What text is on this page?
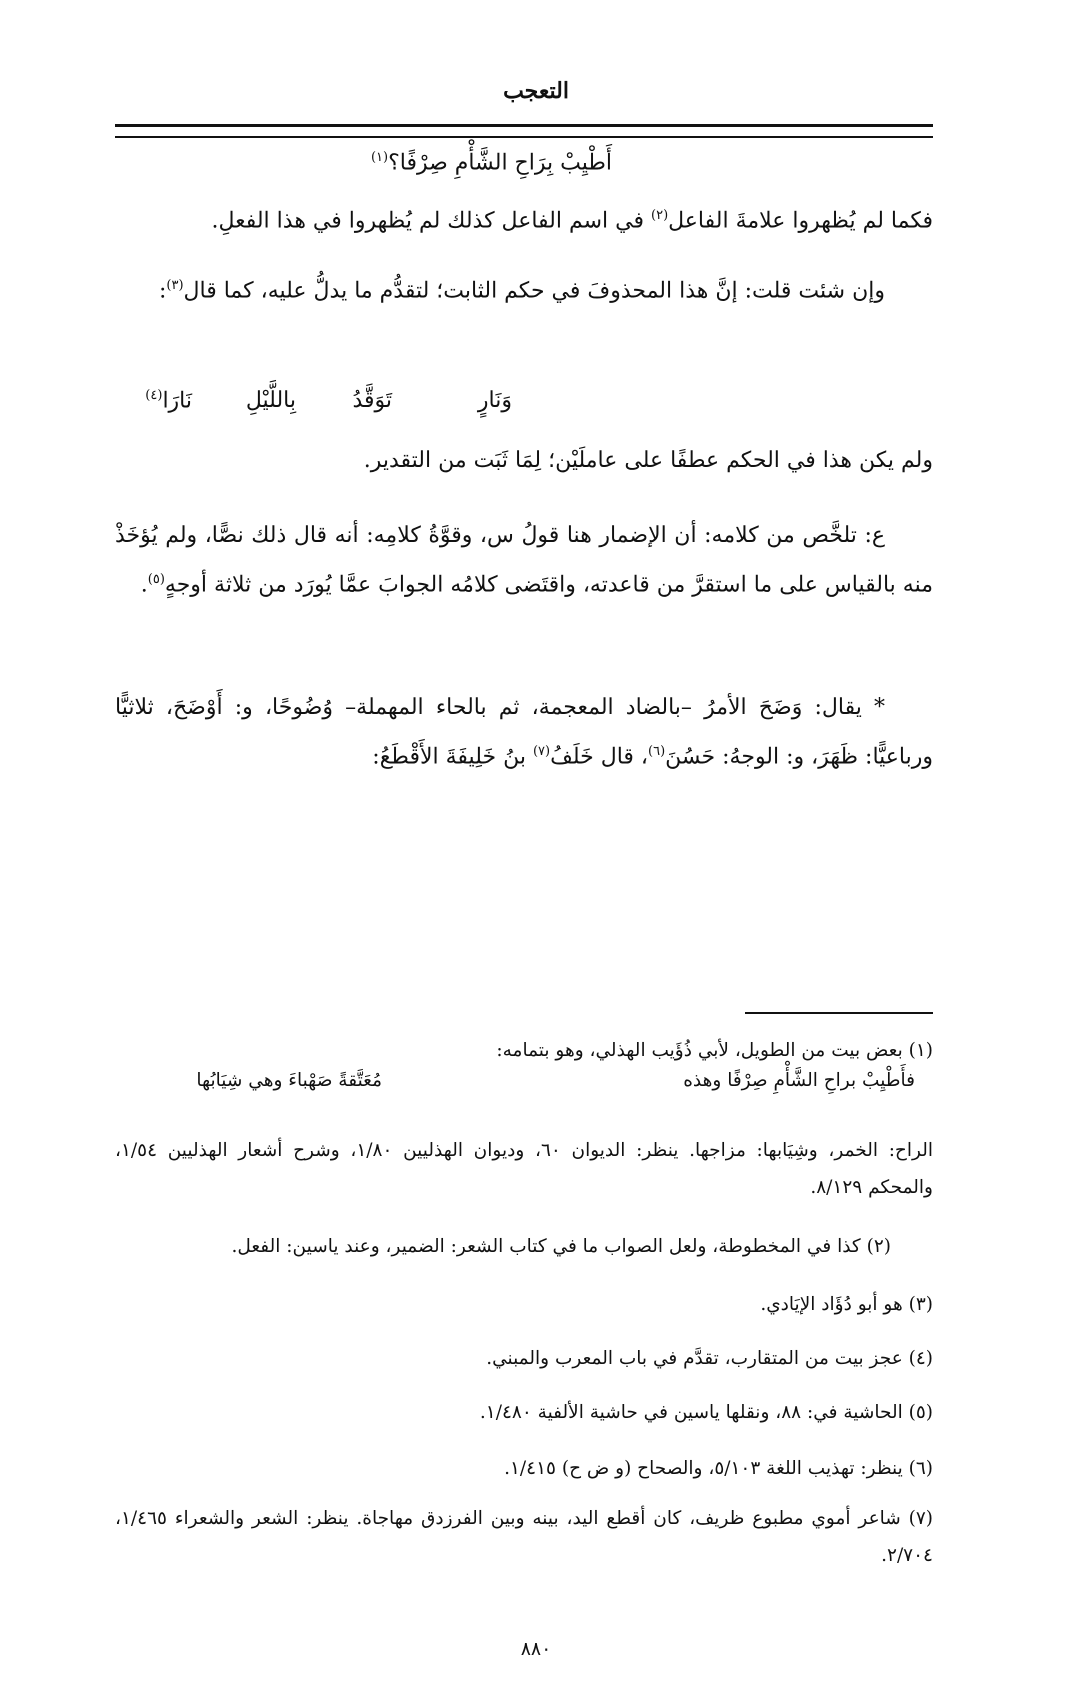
التعجب
أَطْيِبْ بِرَاحِ الشَّأْمِ صِرْفًا؟$^{(١)}$
فكما لم يُظهروا علامةَ الفاعل$^{(٢)}$ في اسم الفاعل كذلك لم يُظهروا في هذا الفعلِ.
وإن شئت قلت: إنَّ هذا المحذوفَ في حكم الثابت؛ لتقدُّم ما يدلُّ عليه، كما قال$^{(٣)}$:
وَنَارٍ
تَوَقَّدُ
بِاللَّيْلِ
نَارَا$^{(٤)}$
ولم يكن هذا في الحكم عطفًا على عاملَيْن؛ لِمَا ثَبَت من التقدير.
ع: تلخَّص من كلامه: أن الإضمار هنا قولُ س، وقوَّةُ كلامِه: أنه قال ذلك نصًّا، ولم يُؤخَذْ منه بالقياس على ما استقرَّ من قاعدته، واقتَضى كلامُه الجوابَ عمَّا يُورَد من ثلاثة أوجهٍ$^{(٥)}$.
* يقال: وَضَحَ الأمرُ –بالضاد المعجمة، ثم بالحاء المهملة– وُضُوحًا، و: أَوْضَحَ، ثلاثيًّا ورباعيًّا: ظَهَرَ، و: الوجهُ: حَسُنَ$^{(٦)}$، قال خَلَفُ$^{(٧)}$ بنُ خَلِيفَةَ الأَقْطَعُ:
(١) بعض بيت من الطويل، لأبي ذُؤَيب الهذلي، وهو بتمامه:
فأَطْيِبْ براحِ الشَّأْمِ صِرْفًا وهذه
مُعَتَّقةً صَهْباءَ وهي شِيَابُها
الراح: الخمر، وشِيَابها: مزاجها. ينظر: الديوان ٦٠، وديوان الهذليين ١/٨٠، وشرح أشعار الهذليين ١/٥٤، والمحكم ٨/١٢٩.
(٢) كذا في المخطوطة، ولعل الصواب ما في كتاب الشعر: الضمير، وعند ياسين: الفعل.
(٣) هو أبو دُؤَاد الإيَادي.
(٤) عجز بيت من المتقارب، تقدَّم في باب المعرب والمبني.
(٥) الحاشية في: ٨٨، ونقلها ياسين في حاشية الألفية ١/٤٨٠.
(٦) ينظر: تهذيب اللغة ٥/١٠٣، والصحاح (و ض ح) ١/٤١٥.
(٧) شاعر أموي مطبوع ظريف، كان أقطع اليد، بينه وبين الفرزدق مهاجاة. ينظر: الشعر والشعراء ١/٤٦٥، ٢/٧٠٤.
٨٨٠
